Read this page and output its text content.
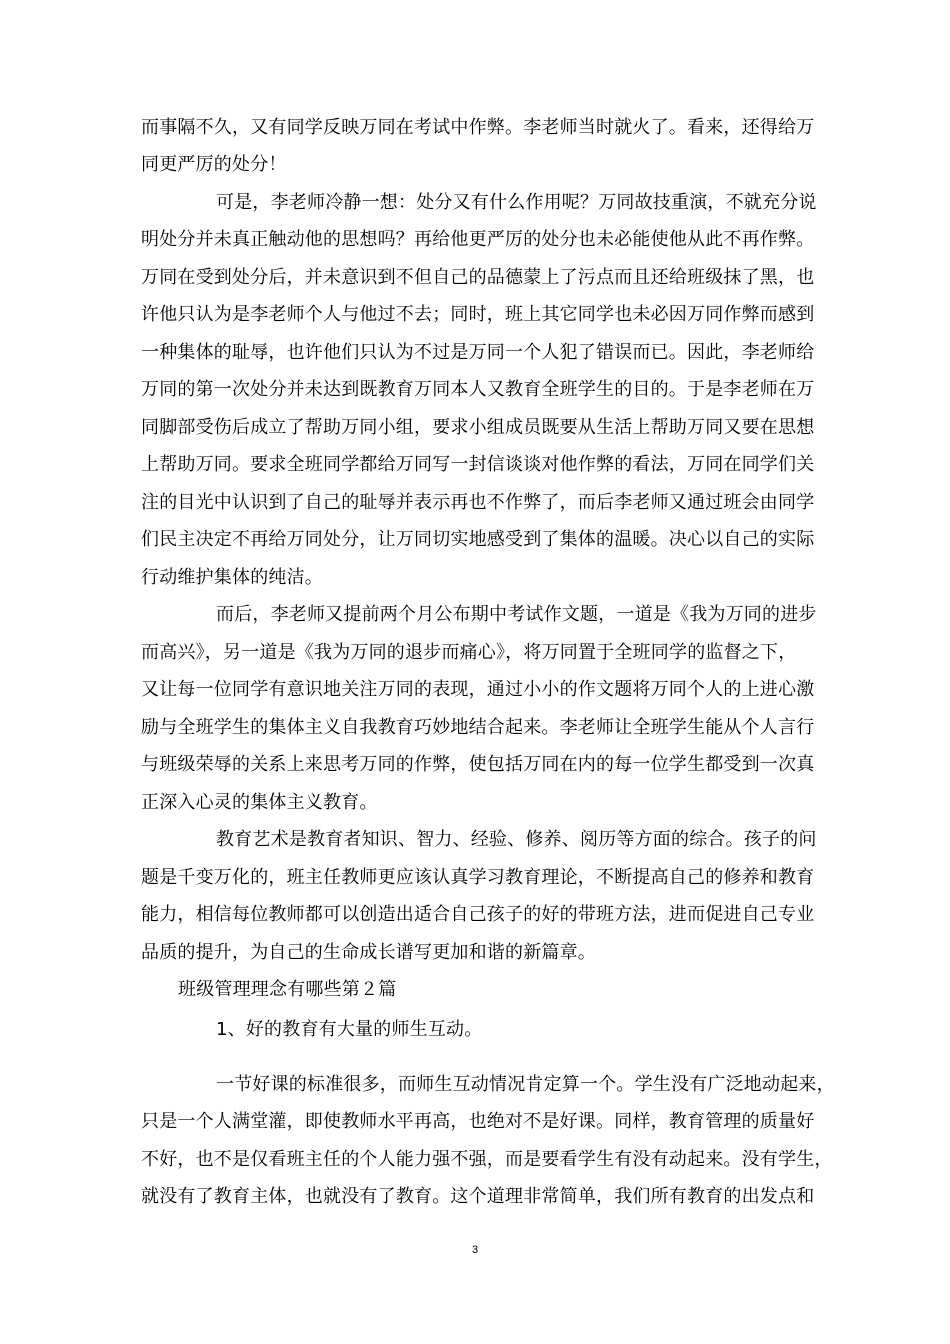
而事隔不久，又有同学反映万同在考试中作弊。李老师当时就火了。看来，还得给万
同更严厉的处分！
可是，李老师冷静一想：处分又有什么作用呢？万同故技重演，不就充分说
明处分并未真正触动他的思想吗？再给他更严厉的处分也未必能使他从此不再作弊。
万同在受到处分后，并未意识到不但自己的品德蒙上了污点而且还给班级抹了黑，也
许他只认为是李老师个人与他过不去；同时，班上其它同学也未必因万同作弊而感到
一种集体的耻辱，也许他们只认为不过是万同一个人犯了错误而已。因此，李老师给
万同的第一次处分并未达到既教育万同本人又教育全班学生的目的。于是李老师在万
同脚部受伤后成立了帮助万同小组，要求小组成员既要从生活上帮助万同又要在思想
上帮助万同。要求全班同学都给万同写一封信谈谈对他作弊的看法，万同在同学们关
注的目光中认识到了自己的耻辱并表示再也不作弊了，而后李老师又通过班会由同学
们民主决定不再给万同处分，让万同切实地感受到了集体的温暖。决心以自己的实际
行动维护集体的纯洁。
而后，李老师又提前两个月公布期中考试作文题，一道是《我为万同的进步
而高兴》，另一道是《我为万同的退步而痛心》，将万同置于全班同学的监督之下，
又让每一位同学有意识地关注万同的表现，通过小小的作文题将万同个人的上进心激
励与全班学生的集体主义自我教育巧妙地结合起来。李老师让全班学生能从个人言行
与班级荣辱的关系上来思考万同的作弊，使包括万同在内的每一位学生都受到一次真
正深入心灵的集体主义教育。
教育艺术是教育者知识、智力、经验、修养、阅历等方面的综合。孩子的问
题是千变万化的，班主任教师更应该认真学习教育理论，不断提高自己的修养和教育
能力，相信每位教师都可以创造出适合自己孩子的好的带班方法，进而促进自己专业
品质的提升，为自己的生命成长谱写更加和谐的新篇章。
班级管理理念有哪些第２篇
1、好的教育有大量的师生互动。
一节好课的标准很多，而师生互动情况肯定算一个。学生没有广泛地动起来，
只是一个人满堂灌，即使教师水平再高，也绝对不是好课。同样，教育管理的质量好
不好，也不是仅看班主任的个人能力强不强，而是要看学生有没有动起来。没有学生，
就没有了教育主体，也就没有了教育。这个道理非常简单，我们所有教育的出发点和
3
